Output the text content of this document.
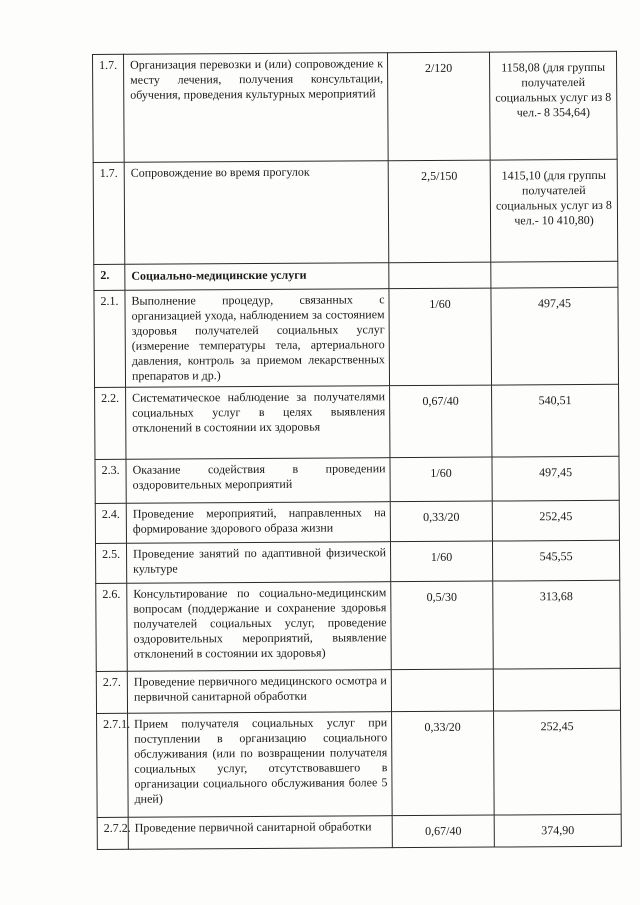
1.7.	Организация перевозки и (или) сопровождение к месту лечения, получения консультации, обучения, проведения культурных мероприятий	2/120	1158,08 (для группы получателей социальных услуг из 8 чел.- 8 354,64)
1.7.	Сопровождение во время прогулок	2,5/150	1415,10 (для группы получателей социальных услуг из 8 чел.- 10 410,80)
2.	Социально-медицинские услуги		
2.1.	Выполнение процедур, связанных с организацией ухода, наблюдением за состоянием здоровья получателей социальных услуг (измерение температуры тела, артериального давления, контроль за приемом лекарственных препаратов и др.)	1/60	497,45
2.2.	Систематическое наблюдение за получателями социальных услуг в целях выявления отклонений в состоянии их здоровья	0,67/40	540,51
2.3.	Оказание содействия в проведении оздоровительных мероприятий	1/60	497,45
2.4.	Проведение мероприятий, направленных на формирование здорового образа жизни	0,33/20	252,45
2.5.	Проведение занятий по адаптивной физической культуре	1/60	545,55
2.6.	Консультирование по социально-медицинским вопросам (поддержание и сохранение здоровья получателей социальных услуг, проведение оздоровительных мероприятий, выявление отклонений в состоянии их здоровья)	0,5/30	313,68
2.7.	Проведение первичного медицинского осмотра и первичной санитарной обработки		
2.7.1.	Прием получателя социальных услуг при поступлении в организацию социального обслуживания (или по возвращении получателя социальных услуг, отсутствовавшего в организации социального обслуживания более 5 дней)	0,33/20	252,45
2.7.2.	Проведение первичной санитарной обработки	0,67/40	374,90
